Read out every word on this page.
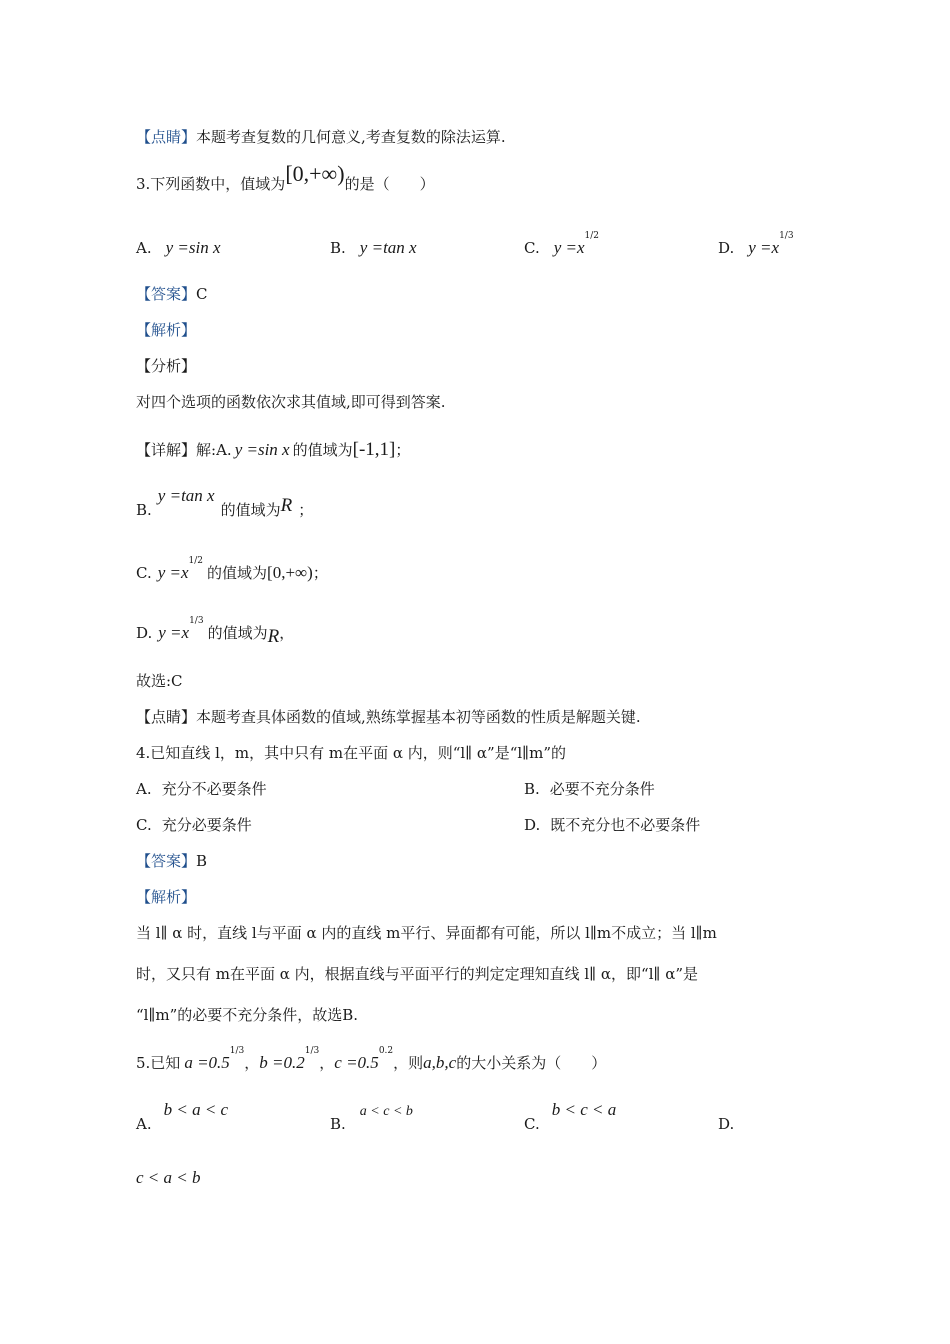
【点睛】本题考查复数的几何意义,考查复数的除法运算.
3.下列函数中，值域为[0,+∞)的是（　　）
A. y =sin x	B. y =tan x	C. $y =x^{1/2}$
D. $y =x^{1/3}$
【答案】C
【解析】
【分析】
对四个选项的函数依次求其值域,即可得到答案.
【详解】解:A. y =sin x 的值域为[-1,1]；
B.y =tan x的值域为R ；
C. $y =x^{1/2}$的值域为[0,+∞)；
D. $y =x^{1/3}$的值域为R，
故选:C
【点睛】本题考查具体函数的值域,熟练掌握基本初等函数的性质是解题关键.
4.已知直线 l，m，其中只有 m在平面 α 内，则“l∥ α”是“l∥m”的
A. 充分不必要条件	B. 必要不充分条件
C. 充分必要条件	D. 既不充分也不必要条件
【答案】B
【解析】
当 l∥ α 时，直线 l与平面 α 内的直线 m平行、异面都有可能，所以 l∥m不成立；当 l∥m
时，又只有 m在平面 α 内，根据直线与平面平行的判定定理知直线 l∥ α，即“l∥ α”是
“l∥m”的必要不充分条件，故选B.
5.已知 $a =0.5^{1/3}$，$b =0.2^{1/3}$，$c =0.5^{0.2}$，则a,b,c的大小关系为（　　）
A.b < a < c
B.a < c < b
C.b < c < a
D.
c < a < b
